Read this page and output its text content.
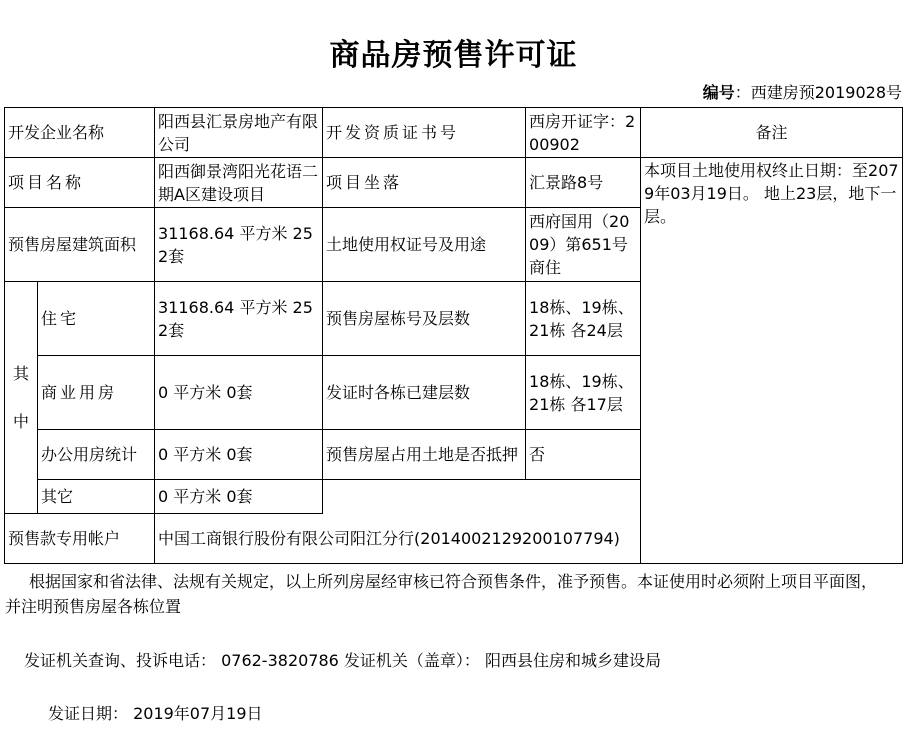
商品房预售许可证
编号：西建房预2019028号
开发企业名称		阳西县汇景房地产有限公司	开发资质证书号	西房开证字：200902	备注	
项目名称		阳西御景湾阳光花语二期A区建设项目	项目坐落	汇景路8号	本项目土地使用权终止日期：至2079年03月19日。 地上23层，地下一层。	
预售房屋建筑面积		31168.64 平方米 252套	土地使用权证号及用途	西府国用（2009）第651号 商住		
其中	住宅	31168.64 平方米 252套	预售房屋栋号及层数	18栋、19栋、21栋 各24层		
	商业用房	0 平方米 0套	发证时各栋已建层数	18栋、19栋、21栋 各17层		
	办公用房统计	0 平方米 0套	预售房屋占用土地是否抵押	否		
	其它	0 平方米 0套				
预售款专用帐户		中国工商银行股份有限公司阳江分行(2014002129200107794)				
根据国家和省法律、法规有关规定，以上所列房屋经审核已符合预售条件，准予预售。本证使用时必须附上项目平面图，并注明预售房屋各栋位置
发证机关查询、投诉电话： 0762-3820786 发证机关（盖章）： 阳西县住房和城乡建设局
发证日期： 2019年07月19日
